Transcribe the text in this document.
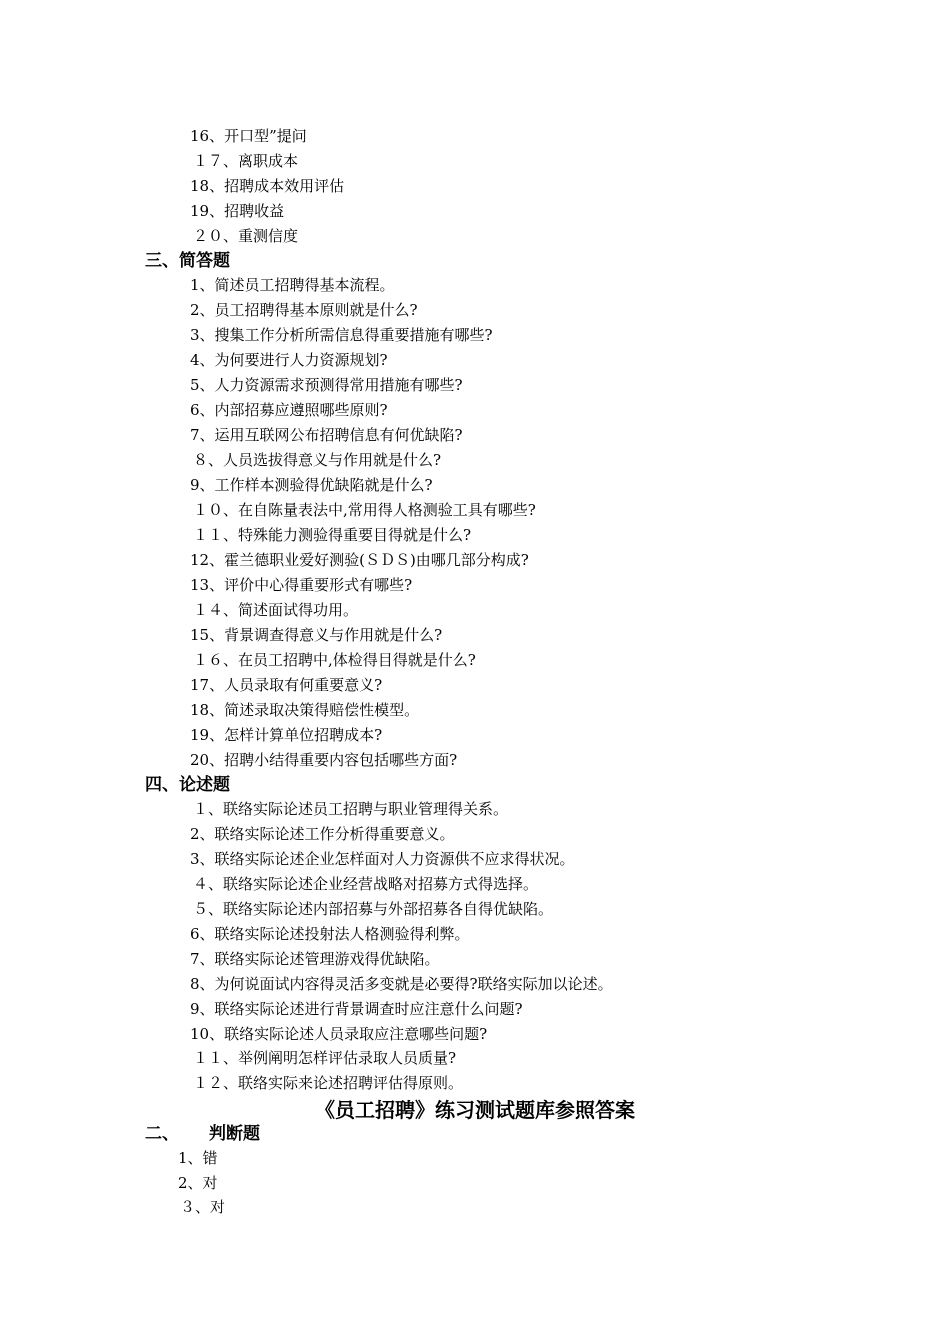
16、开口型”提问
１７、离职成本
18、招聘成本效用评估
19、招聘收益
２０、重测信度
三、简答题
1、简述员工招聘得基本流程。
2、员工招聘得基本原则就是什么?
3、搜集工作分析所需信息得重要措施有哪些?
4、为何要进行人力资源规划?
5、人力资源需求预测得常用措施有哪些?
6、内部招募应遵照哪些原则?
7、运用互联网公布招聘信息有何优缺陷?
８、人员选拔得意义与作用就是什么?
9、工作样本测验得优缺陷就是什么?
１０、在自陈量表法中,常用得人格测验工具有哪些?
１１、特殊能力测验得重要目得就是什么?
12、霍兰德职业爱好测验(ＳＤＳ)由哪几部分构成?
13、评价中心得重要形式有哪些?
１４、简述面试得功用。
15、背景调查得意义与作用就是什么?
１６、在员工招聘中,体检得目得就是什么?
17、人员录取有何重要意义?
18、简述录取决策得赔偿性模型。
19、怎样计算单位招聘成本?
20、招聘小结得重要内容包括哪些方面?
四、论述题
１、联络实际论述员工招聘与职业管理得关系。
2、联络实际论述工作分析得重要意义。
3、联络实际论述企业怎样面对人力资源供不应求得状况。
４、联络实际论述企业经营战略对招募方式得选择。
５、联络实际论述内部招募与外部招募各自得优缺陷。
6、联络实际论述投射法人格测验得利弊。
7、联络实际论述管理游戏得优缺陷。
8、为何说面试内容得灵活多变就是必要得?联络实际加以论述。
9、联络实际论述进行背景调查时应注意什么问题?
10、联络实际论述人员录取应注意哪些问题?
１１、举例阐明怎样评估录取人员质量?
１２、联络实际来论述招聘评估得原则。
《员工招聘》练习测试题库参照答案
二、 判断题
1、错
2、对
３、对
